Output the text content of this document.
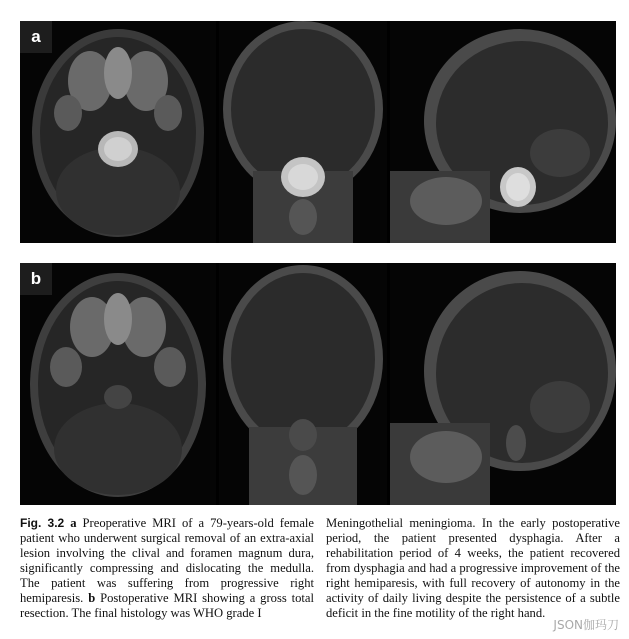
a
b
Fig. 3.2 a Preoperative MRI of a 79-years-old female patient who underwent surgical removal of an extra-axial lesion involving the clival and foramen magnum dura, significantly compressing and dislocating the medulla. The patient was suffering from progressive right hemiparesis. b Postoperative MRI showing a gross total resection. The final histology was WHO grade I
Meningothelial meningioma. In the early postoperative period, the patient presented dysphagia. After a rehabilitation period of 4 weeks, the patient recovered from dysphagia and had a progressive improvement of the right hemiparesis, with full recovery of autonomy in the activity of daily living despite the persistence of a subtle deficit in the fine motility of the right hand.
JSON伽玛刀
